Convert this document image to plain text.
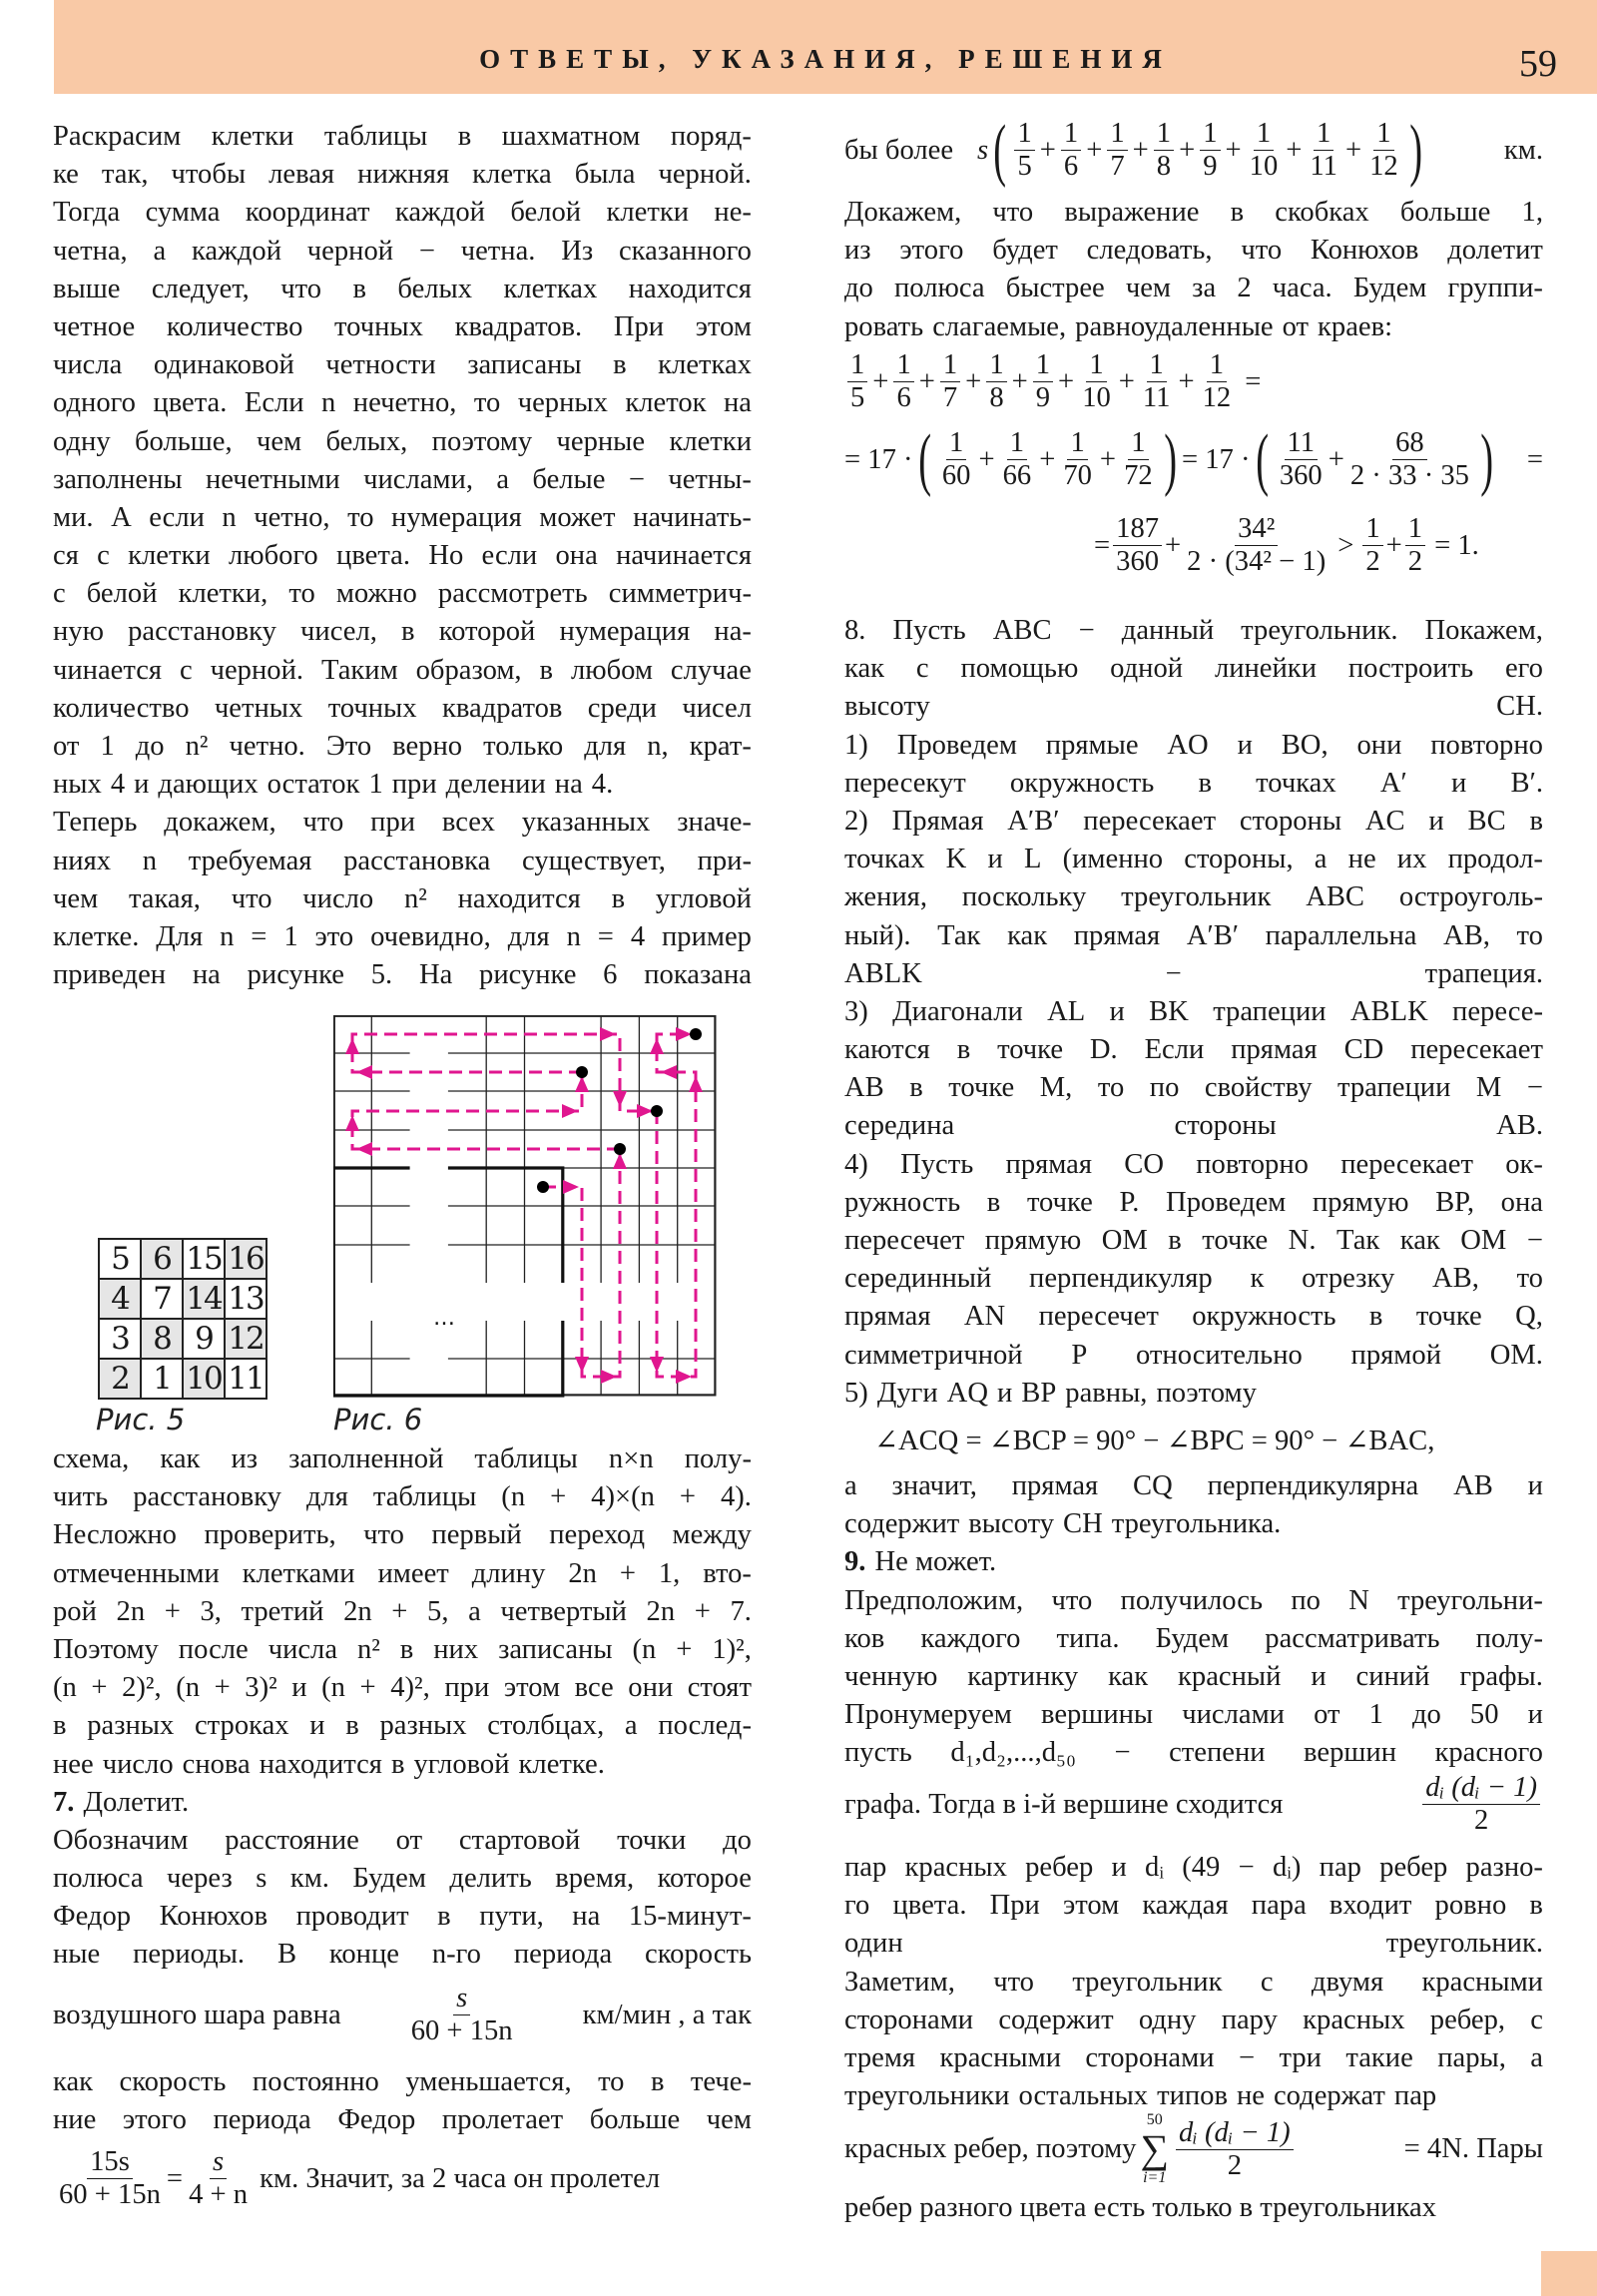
ОТВЕТЫ, УКАЗАНИЯ, РЕШЕНИЯ	59
Раскрасим клетки таблицы в шахматном поряд-
ке так, чтобы левая нижняя клетка была черной.
Тогда сумма координат каждой белой клетки не-
четна, а каждой черной − четна. Из сказанного
выше следует, что в белых клетках находится
четное количество точных квадратов. При этом
числа одинаковой четности записаны в клетках
одного цвета. Если n нечетно, то черных клеток на
одну больше, чем белых, поэтому черные клетки
заполнены нечетными числами, а белые − четны-
ми. А если n четно, то нумерация может начинать-
ся с клетки любого цвета. Но если она начинается
с белой клетки, то можно рассмотреть симметрич-
ную расстановку чисел, в которой нумерация на-
чинается с черной. Таким образом, в любом случае
количество четных точных квадратов среди чисел
от 1 до n² четно. Это верно только для n, крат-
ных 4 и дающих остаток 1 при делении на 4.
Теперь докажем, что при всех указанных значе-
ниях n требуемая расстановка существует, при-
чем такая, что число n² находится в угловой
клетке. Для n = 1 это очевидно, для n = 4 пример
приведен на рисунке 5. На рисунке 6 показана
5	6	15	16
4	7	14	13
3	8	9	12
2	1	10	11
Рис. 5
…
Рис. 6
схема, как из заполненной таблицы n×n полу-
чить расстановку для таблицы (n + 4)×(n + 4).
Несложно проверить, что первый переход между
отмеченными клетками имеет длину 2n + 1, вто-
рой 2n + 3, третий 2n + 5, а четвертый 2n + 7.
Поэтому после числа n² в них записаны (n + 1)²,
(n + 2)², (n + 3)² и (n + 4)², при этом все они стоят
в разных строках и в разных столбцах, а послед-
нее число снова находится в угловой клетке.
7. Долетит.
Обозначим расстояние от стартовой точки до
полюса через s км. Будем делить время, которое
Федор Конюхов проводит в пути, на 15-минут-
ные периоды. В конце n-го периода скорость
воздушного шара равна $\frac{s}{60 + 15n} км/мин$ , а так
как скорость постоянно уменьшается, то в тече-
ние этого периода Федор пролетает больше чем
$\frac{15s}{60 + 15n} = \frac{s}{4 + n}$ км. Значит, за 2 часа он пролетел
бы более s ( $\frac{1}{5} + \frac{1}{6} + \frac{1}{7} + \frac{1}{8} + \frac{1}{9} + \frac{1}{10} + \frac{1}{11} + \frac{1}{12}$ )	км.
Докажем, что выражение в скобках больше 1,
из этого будет следовать, что Конюхов долетит
до полюса быстрее чем за 2 часа. Будем группи-
ровать слагаемые, равноудаленные от краев:
$\frac{1}{5} + \frac{1}{6} + \frac{1}{7} + \frac{1}{8} + \frac{1}{9} + \frac{1}{10} + \frac{1}{11} + \frac{1}{12}$ =
= 17 · ( $\frac{1}{60} + \frac{1}{66} + \frac{1}{70} + \frac{1}{72}$ ) = 17 · ( $\frac{11}{360} + \frac{68}{2 \cdot 33 \cdot 35}$ ) =
= $\frac{187}{360} + \frac{\text{34²}}{\text{2 · (34² − 1)}} > \frac{1}{2} + \frac{1}{2} = 1$.
8. Пусть ABC − данный треугольник. Покажем,
как с помощью одной линейки построить его
высоту	CH.
1) Проведем прямые AO и BO, они повторно
пересекут окружность в точках A′ и B′.
2) Прямая A′B′ пересекает стороны AC и BC в
точках K и L (именно стороны, а не их продол-
жения, поскольку треугольник ABC остроуголь-
ный). Так как прямая A′B′ параллельна AB, то
ABLK	−	трапеция.
3) Диагонали AL и BK трапеции ABLK пересе-
каются в точке D. Если прямая CD пересекает
AB в точке M, то по свойству трапеции M −
середина	стороны	AB.
4) Пусть прямая CO повторно пересекает ок-
ружность в точке P. Проведем прямую BP, она
пересечет прямую OM в точке N. Так как OM −
серединный перпендикуляр к отрезку AB, то
прямая AN пересечет окружность в точке Q,
симметричной P относительно прямой OM.
5) Дуги AQ и BP равны, поэтому
∠ACQ = ∠BCP = 90° − ∠BPC = 90° − ∠BAC,
а значит, прямая CQ перпендикулярна AB и
содержит высоту CH треугольника.
9. Не может.
Предположим, что получилось по N треугольни-
ков каждого типа. Будем рассматривать полу-
ченную картинку как красный и синий графы.
Пронумеруем вершины числами от 1 до 50 и
пусть d₁,d₂,...,d₅₀ − степени вершин красного
графа. Тогда в i-й вершине сходится	$\frac{\text{dᵢ (dᵢ − 1)}}{2}$
пар красных ребер и dᵢ (49 − dᵢ) пар ребер разно-
го цвета. При этом каждая пара входит ровно в
один	треугольник.
Заметим, что треугольник с двумя красными
сторонами содержит одну пару красных ребер, с
тремя красными сторонами − три такие пары, а
треугольники остальных типов не содержат пар
красных ребер, поэтому
50
∑
$i=1 \frac{\text{dᵢ (dᵢ − 1)}}{2}$	= 4N. Пары
ребер разного цвета есть только в треугольниках
